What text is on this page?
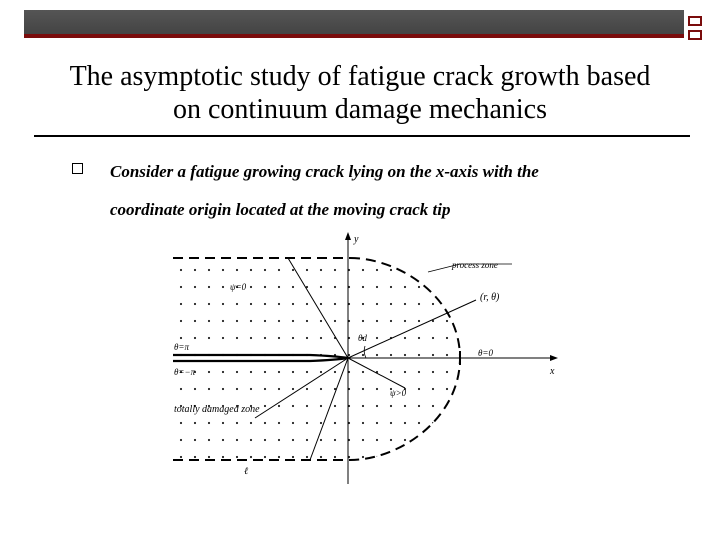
The asymptotic study of fatigue crack growth based
on continuum damage mechanics
Consider a fatigue growing crack lying on the x-axis with the
coordinate origin located at the moving crack tip
y
x
process zone
(r, θ)
ψ=0
θd
θ=π
θ=0
θ=−π
ψ>0
totally damaged zone
ℓ
